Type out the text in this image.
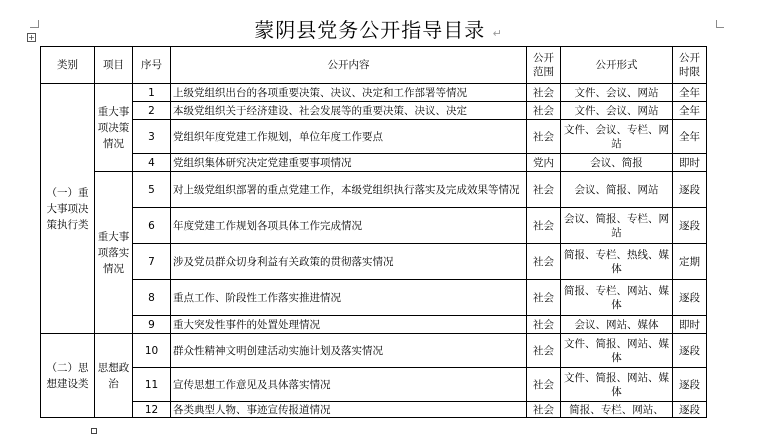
+	蒙阴县党务公开指导目录 ↵
类别	项目	序号	公开内容	公开范围	公开形式	公开时限
（一）重大事项决策执行类	重大事项决策情况	1	上级党组织出台的各项重要决策、决议、决定和工作部署等情况	社会	文件、会议、网站	全年
		2	本级党组织关于经济建设、社会发展等的重要决策、决议、决定	社会	文件、会议、网站	全年
		3	党组织年度党建工作规划，单位年度工作要点	社会	文件、会议、专栏、网站	全年
		4	党组织集体研究决定党建重要事项情况	党内	会议、简报	即时
	重大事项落实情况	5	对上级党组织部署的重点党建工作，本级党组织执行落实及完成效果等情况	社会	会议、简报、网站	逐段
		6	年度党建工作规划各项具体工作完成情况	社会	会议、简报、专栏、网站	逐段
		7	涉及党员群众切身利益有关政策的贯彻落实情况	社会	简报、专栏、热线、媒体	定期
		8	重点工作、阶段性工作落实推进情况	社会	简报、专栏、网站、媒体	逐段
		9	重大突发性事件的处置处理情况	社会	会议、网站、媒体	即时
（二）思想建设类	思想政治	10	群众性精神文明创建活动实施计划及落实情况	社会	文件、简报、网站、媒体	逐段
		11	宣传思想工作意见及具体落实情况	社会	文件、简报、网站、媒体	逐段
		12	各类典型人物、事迹宣传报道情况	社会	简报、专栏、网站、	逐段
